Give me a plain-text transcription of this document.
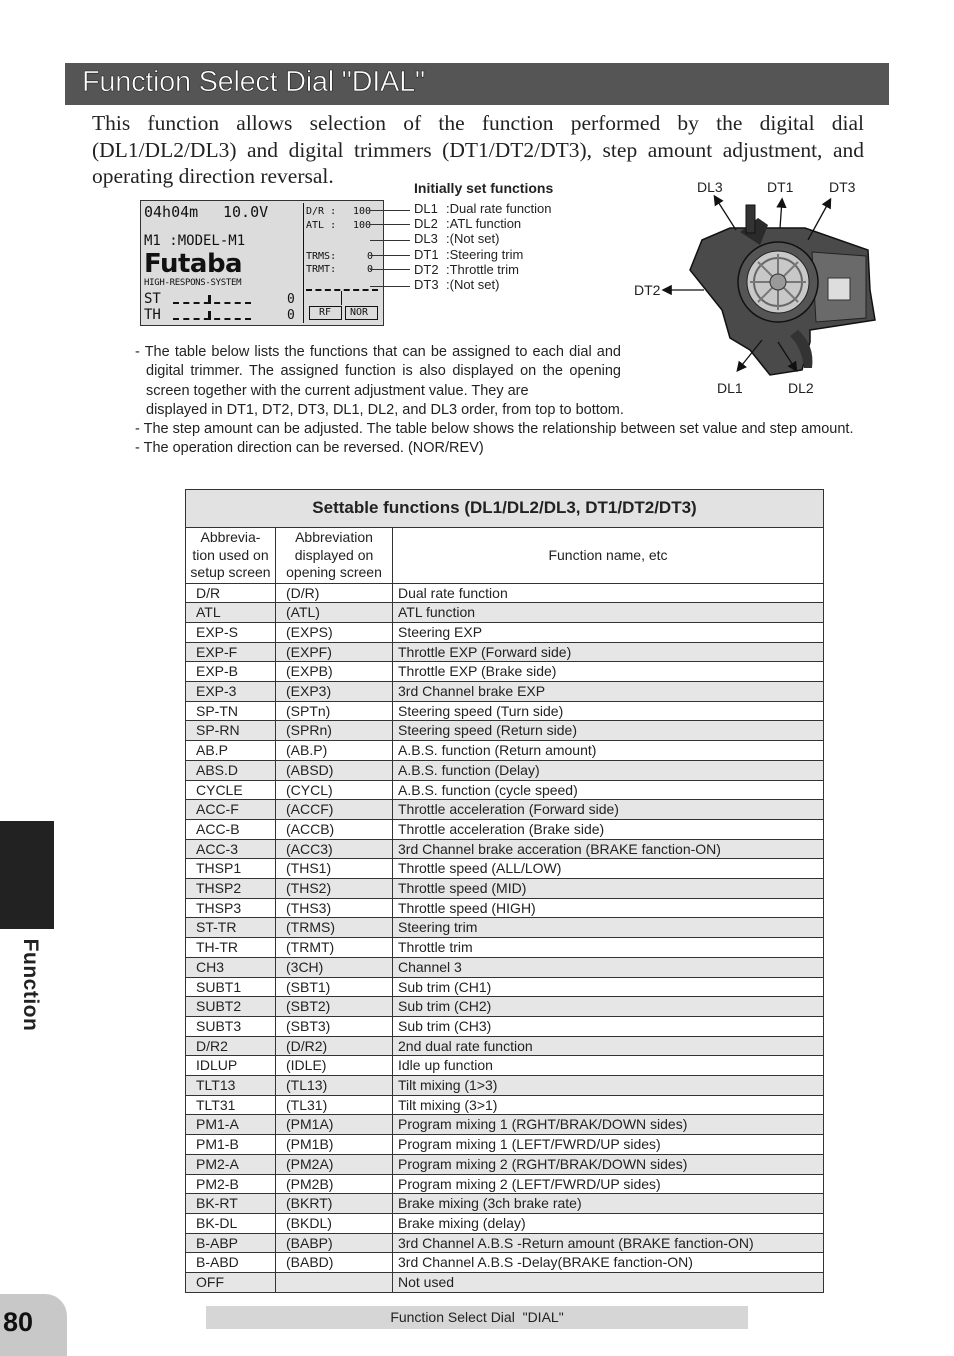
Function Select Dial "DIAL"

This function allows selection of the function performed by the digital dial (DL1/DL2/DL3) and digital trimmers (DT1/DT2/DT3), step amount adjustment, and operating direction reversal.

04h04m 10.0V
M1 :MODEL-M1
Futaba
HIGH-RESPONS-SYSTEM
ST
TH
0
0
D/R : 100
ATL : 100
TRMS:	0
TRMT:	0
RF NOR
Initially set functions
DL1 :Dual rate function
DL2 :ATL function
DL3 :(Not set)
DT1 :Steering trim
DT2 :Throttle trim
DT3 :(Not set)
DL3	DT1	DT3
DT2
DL1	DL2

- The table below lists the functions that can be assigned to each dial and digital trimmer. The assigned function is also displayed on the opening screen together with the current adjustment value. They are

displayed in DT1, DT2, DT3, DL1, DL2, and DL3 order, from top to bottom.

- The step amount can be adjusted. The table below shows the relationship between set value and step amount.

- The operation direction can be reversed. (NOR/REV)

Settable functions (DL1/DL2/DL3, DT1/DT2/DT3)		
Abbrevia-
tion used on
setup screen	Abbreviation
displayed on
opening screen	Function name, etc
D/R	(D/R)	Dual rate function
ATL	(ATL)	ATL function
EXP-S	(EXPS)	Steering EXP
EXP-F	(EXPF)	Throttle EXP (Forward side)
EXP-B	(EXPB)	Throttle EXP (Brake side)
EXP-3	(EXP3)	3rd Channel brake EXP
SP-TN	(SPTn)	Steering speed (Turn side)
SP-RN	(SPRn)	Steering speed (Return side)
AB.P	(AB.P)	A.B.S. function (Return amount)
ABS.D	(ABSD)	A.B.S. function (Delay)
CYCLE	(CYCL)	A.B.S. function (cycle speed)
ACC-F	(ACCF)	Throttle acceleration (Forward side)
ACC-B	(ACCB)	Throttle acceleration (Brake side)
ACC-3	(ACC3)	3rd Channel brake acceration (BRAKE fanction-ON)
THSP1	(THS1)	Throttle speed (ALL/LOW)
THSP2	(THS2)	Throttle speed (MID)
THSP3	(THS3)	Throttle speed (HIGH)
ST-TR	(TRMS)	Steering trim
TH-TR	(TRMT)	Throttle trim
CH3	(3CH)	Channel 3
SUBT1	(SBT1)	Sub trim (CH1)
SUBT2	(SBT2)	Sub trim (CH2)
SUBT3	(SBT3)	Sub trim (CH3)
D/R2	(D/R2)	2nd dual rate function
IDLUP	(IDLE)	Idle up function
TLT13	(TL13)	Tilt mixing (1>3)
TLT31	(TL31)	Tilt mixing (3>1)
PM1-A	(PM1A)	Program mixing 1 (RGHT/BRAK/DOWN sides)
PM1-B	(PM1B)	Program mixing 1 (LEFT/FWRD/UP sides)
PM2-A	(PM2A)	Program mixing 2 (RGHT/BRAK/DOWN sides)
PM2-B	(PM2B)	Program mixing 2 (LEFT/FWRD/UP sides)
BK-RT	(BKRT)	Brake mixing (3ch brake rate)
BK-DL	(BKDL)	Brake mixing (delay)
B-ABP	(BABP)	3rd Channel A.B.S -Return amount (BRAKE fanction-ON)
B-ABD	(BABD)	3rd Channel A.B.S -Delay(BRAKE fanction-ON)
OFF		Not used
Function
80	Function Select Dial  "DIAL"
